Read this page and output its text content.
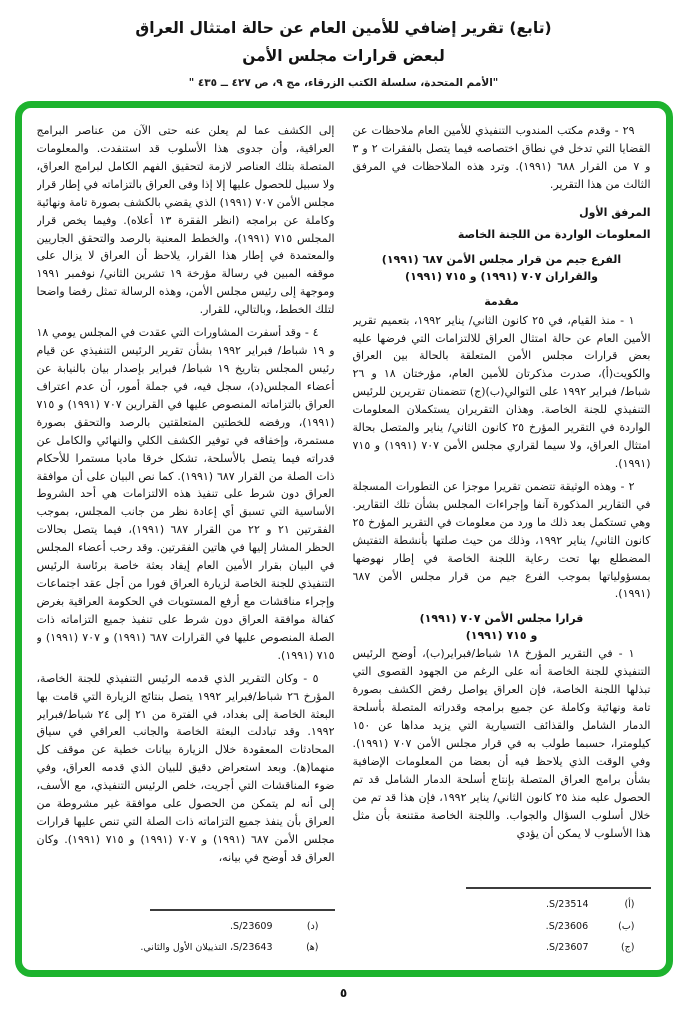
(تابع) تقرير إضافي للأمين العام عن حالة امتثال العراق
لبعض قرارات مجلس الأمن
"الأمم المتحدة، سلسلة الكتب الزرقاء، مج ٩، ص ٤٢٧ ــ ٤٣٥ "

٢٩ - وقدم مكتب المندوب التنفيذي للأمين العام ملاحظات عن القضايا التي تدخل في نطاق اختصاصه فيما يتصل بالفقرات ٢ و ٣ و ٧ من القرار ٦٨٨ (١٩٩١). وترد هذه الملاحظات في المرفق الثالث من هذا التقرير.

المرفق الأول
المعلومات الواردة من اللجنة الخاصة
الفرع جيم من قرار مجلس الأمن ٦٨٧ (١٩٩١)
والقراران ٧٠٧ (١٩٩١) و ٧١٥ (١٩٩١)
مقدمة

١ - منذ القيام، في ٢٥ كانون الثاني/ يناير ١٩٩٢، بتعميم تقرير الأمين العام عن حالة امتثال العراق للالتزامات التي فرضها عليه بعض قرارات مجلس الأمن المتعلقة بالحالة بين العراق والكويت(أ)، صدرت مذكرتان للأمين العام، مؤرختان ١٨ و ٢٦ شباط/ فبراير ١٩٩٢ على التوالي(ب)(ج) تتضمنان تقريرين للرئيس التنفيذي للجنة الخاصة. وهذان التقريران يستكملان المعلومات الواردة في التقرير المؤرخ ٢٥ كانون الثاني/ يناير والمتصل بحالة امتثال العراق، ولا سيما لقراري مجلس الأمن ٧٠٧ (١٩٩١) و ٧١٥ (١٩٩١).

٢ - وهذه الوثيقة تتضمن تقريرا موجزا عن التطورات المسجلة في التقارير المذكورة آنفا وإجراءات المجلس بشأن تلك التقارير. وهي تستكمل بعد ذلك ما ورد من معلومات في التقرير المؤرخ ٢٥ كانون الثاني/ يناير ١٩٩٢، وذلك من حيث صلتها بأنشطة التفتيش المضطلع بها تحت رعاية اللجنة الخاصة في إطار نهوضها بمسؤولياتها بموجب الفرع جيم من قرار مجلس الأمن ٦٨٧ (١٩٩١).

قرارا مجلس الأمن ٧٠٧ (١٩٩١)
و ٧١٥ (١٩٩١)

١ - في التقرير المؤرخ ١٨ شباط/فبراير(ب)، أوضح الرئيس التنفيذي للجنة الخاصة أنه على الرغم من الجهود القصوى التي تبذلها اللجنة الخاصة، فإن العراق يواصل رفض الكشف بصورة تامة ونهائية وكاملة عن جميع برامجه وقدراته المتصلة بأسلحة الدمار الشامل والقذائف التسيارية التي يزيد مداها عن ١٥٠ كيلومترا، حسبما طولب به في قرار مجلس الأمن ٧٠٧ (١٩٩١). وفي الوقت الذي يلاحظ فيه أن بعضا من المعلومات الإضافية بشأن برامج العراق المتصلة بإنتاج أسلحة الدمار الشامل قد تم الحصول عليه منذ ٢٥ كانون الثاني/ يناير ١٩٩٢، فإن هذا قد تم من خلال أسلوب السؤال والجواب. واللجنة الخاصة مقتنعة بأن مثل هذا الأسلوب لا يمكن أن يؤدي

(أ)
S/23514.
(ب)
S/23606.
(ج)
S/23607.

إلى الكشف عما لم يعلن عنه حتى الآن من عناصر البرامج العراقية، وأن جدوى هذا الأسلوب قد استنفدت. والمعلومات المتصلة بتلك العناصر لازمة لتحقيق الفهم الكامل لبرامج العراق، ولا سبيل للحصول عليها إلا إذا وفى العراق بالتزاماته في إطار قرار مجلس الأمن ٧٠٧ (١٩٩١) الذي يقضي بالكشف بصورة تامة ونهائية وكاملة عن برامجه (انظر الفقرة ١٣ أعلاه). وفيما يخص قرار المجلس ٧١٥ (١٩٩١)، والخطط المعنية بالرصد والتحقق الجاريين والمعتمدة في إطار هذا القرار، يلاحظ أن العراق لا يزال على موقفه المبين في رسالة مؤرخة ١٩ تشرين الثاني/ نوفمبر ١٩٩١ وموجهة إلى رئيس مجلس الأمن، وهذه الرسالة تمثل رفضا واضحا لتلك الخطط، وبالتالي، للقرار.

٤ - وقد أسفرت المشاورات التي عقدت في المجلس يومي ١٨ و ١٩ شباط/ فبراير ١٩٩٢ بشأن تقرير الرئيس التنفيذي عن قيام رئيس المجلس بتاريخ ١٩ شباط/ فبراير بإصدار بيان بالنيابة عن أعضاء المجلس(د)، سجل فيه، في جملة أمور، أن عدم اعتراف العراق بالتزاماته المنصوص عليها في القرارين ٧٠٧ (١٩٩١) و ٧١٥ (١٩٩١)، ورفضه للخطتين المتعلقتين بالرصد والتحقق بصورة مستمرة، وإخفاقه في توفير الكشف الكلي والنهائي والكامل عن قدراته فيما يتصل بالأسلحة، تشكل خرقا ماديا مستمرا للأحكام ذات الصلة من القرار ٦٨٧ (١٩٩١). كما نص البيان على أن موافقة العراق دون شرط على تنفيذ هذه الالتزامات هي أحد الشروط الأساسية التي تسبق أي إعادة نظر من جانب المجلس، بموجب الفقرتين ٢١ و ٢٢ من القرار ٦٨٧ (١٩٩١)، فيما يتصل بحالات الحظر المشار إليها في هاتين الفقرتين. وقد رحب أعضاء المجلس في البيان بقرار الأمين العام إيفاد بعثة خاصة برئاسة الرئيس التنفيذي للجنة الخاصة لزيارة العراق فورا من أجل عقد اجتماعات وإجراء مناقشات مع أرفع المستويات في الحكومة العراقية بغرض كفالة موافقة العراق دون شرط على تنفيذ جميع التزاماته ذات الصلة المنصوص عليها في القرارات ٦٨٧ (١٩٩١) و ٧٠٧ (١٩٩١) و ٧١٥ (١٩٩١).

٥ - وكان التقرير الذي قدمه الرئيس التنفيذي للجنة الخاصة، المؤرخ ٢٦ شباط/فبراير ١٩٩٢ يتصل بنتائج الزيارة التي قامت بها البعثة الخاصة إلى بغداد، في الفترة من ٢١ إلى ٢٤ شباط/فبراير ١٩٩٢. وقد تبادلت البعثة الخاصة والجانب العراقي في سياق المحادثات المعقودة خلال الزيارة بيانات خطية عن موقف كل منهما(ﻫ). وبعد استعراض دقيق للبيان الذي قدمه العراق، وفي ضوء المناقشات التي أجريت، خلص الرئيس التنفيذي، مع الأسف، إلى أنه لم يتمكن من الحصول على موافقة غير مشروطة من العراق بأن ينفذ جميع التزاماته ذات الصلة التي تنص عليها قرارات مجلس الأمن ٦٨٧ (١٩٩١) و ٧٠٧ (١٩٩١) و ٧١٥ (١٩٩١). وكان العراق قد أوضح في بيانه،

(د)
S/23609.
(ﻫ)
S/23643، التذييلان الأول والثاني.
٥
